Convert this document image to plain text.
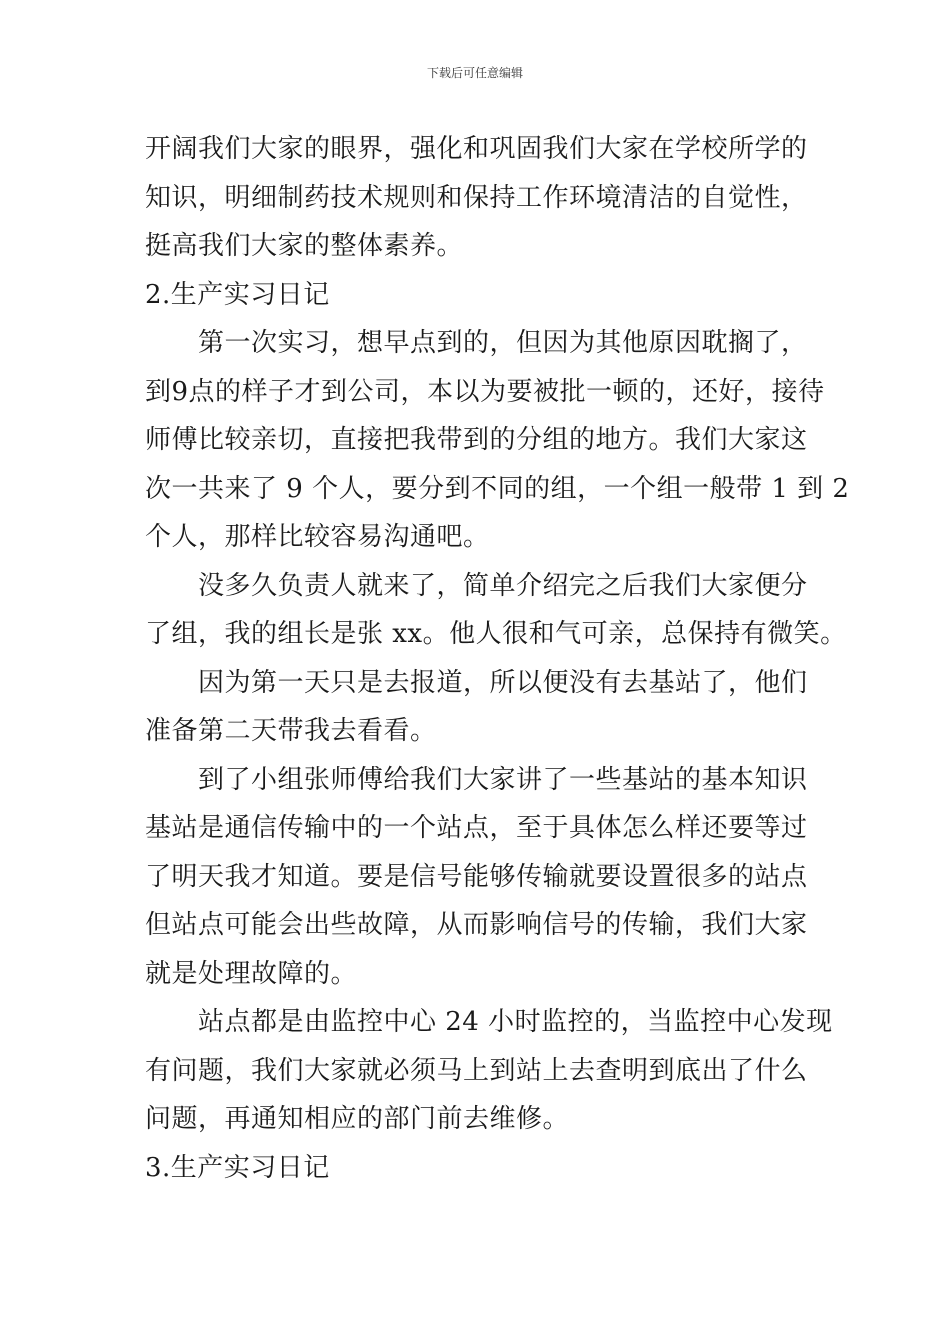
下载后可任意编辑

开阔我们大家的眼界，强化和巩固我们大家在学校所学的

知识，明细制药技术规则和保持工作环境清洁的自觉性，

挺高我们大家的整体素养。

2.生产实习日记

第一次实习，想早点到的，但因为其他原因耽搁了，

到9点的样子才到公司，本以为要被批一顿的，还好，接待

师傅比较亲切，直接把我带到的分组的地方。我们大家这

次一共来了 9 个人，要分到不同的组，一个组一般带 1 到 2

个人，那样比较容易沟通吧。

没多久负责人就来了，简单介绍完之后我们大家便分

了组，我的组长是张 xx。他人很和气可亲，总保持有微笑。

因为第一天只是去报道，所以便没有去基站了，他们

准备第二天带我去看看。

到了小组张师傅给我们大家讲了一些基站的基本知识

基站是通信传输中的一个站点，至于具体怎么样还要等过

了明天我才知道。要是信号能够传输就要设置很多的站点

但站点可能会出些故障，从而影响信号的传输，我们大家

就是处理故障的。

站点都是由监控中心 24 小时监控的，当监控中心发现

有问题，我们大家就必须马上到站上去查明到底出了什么

问题，再通知相应的部门前去维修。

3.生产实习日记
